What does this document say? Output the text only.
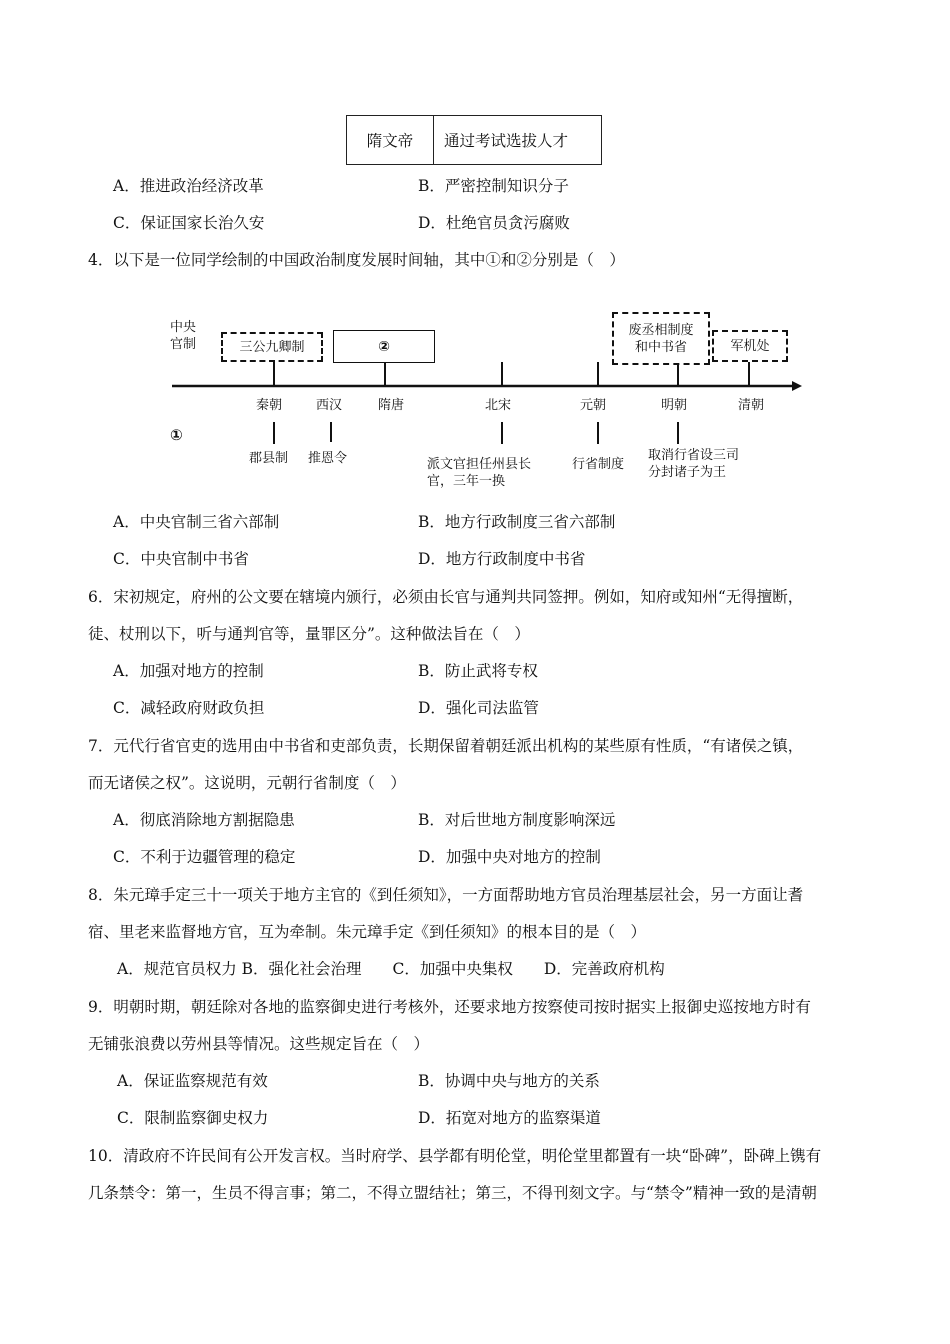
隋文帝	通过考试选拔人才
A．推进政治经济改革	B．严密控制知识分子
C．保证国家长治久安	D．杜绝官员贪污腐败
4．以下是一位同学绘制的中国政治制度发展时间轴，其中①和②分别是（　）
中央
官制	三公九卿制	②
废丞相制度
和中书省	军机处
秦朝	西汉	隋唐	北宋	元朝	明朝	清朝
①
郡县制 推恩令	派文官担任州县长
官，三年一换
行省制度
取消行省设三司
分封诸子为王
A．中央官制三省六部制	B．地方行政制度三省六部制
C．中央官制中书省	D．地方行政制度中书省
6．宋初规定，府州的公文要在辖境内颁行，必须由长官与通判共同签押。例如，知府或知州“无得擅断，
徒、杖刑以下，听与通判官等，量罪区分”。这种做法旨在（　）
A．加强对地方的控制	B．防止武将专权
C．减轻政府财政负担	D．强化司法监管
7．元代行省官吏的选用由中书省和吏部负责，长期保留着朝廷派出机构的某些原有性质，“有诸侯之镇，
而无诸侯之权”。这说明，元朝行省制度（　）
A．彻底消除地方割据隐患	B．对后世地方制度影响深远
C．不利于边疆管理的稳定	D．加强中央对地方的控制
8．朱元璋手定三十一项关于地方主官的《到任须知》，一方面帮助地方官员治理基层社会，另一方面让耆
宿、里老来监督地方官，互为牵制。朱元璋手定《到任须知》的根本目的是（　）
A．规范官员权力 B．强化社会治理　　C．加强中央集权　　D．完善政府机构
9．明朝时期，朝廷除对各地的监察御史进行考核外，还要求地方按察使司按时据实上报御史巡按地方时有
无铺张浪费以劳州县等情况。这些规定旨在（　）
A．保证监察规范有效	B．协调中央与地方的关系
C．限制监察御史权力	D．拓宽对地方的监察渠道
10．清政府不许民间有公开发言权。当时府学、县学都有明伦堂，明伦堂里都置有一块“卧碑”，卧碑上镌有
几条禁令：第一，生员不得言事；第二，不得立盟结社；第三，不得刊刻文字。与“禁令”精神一致的是清朝
